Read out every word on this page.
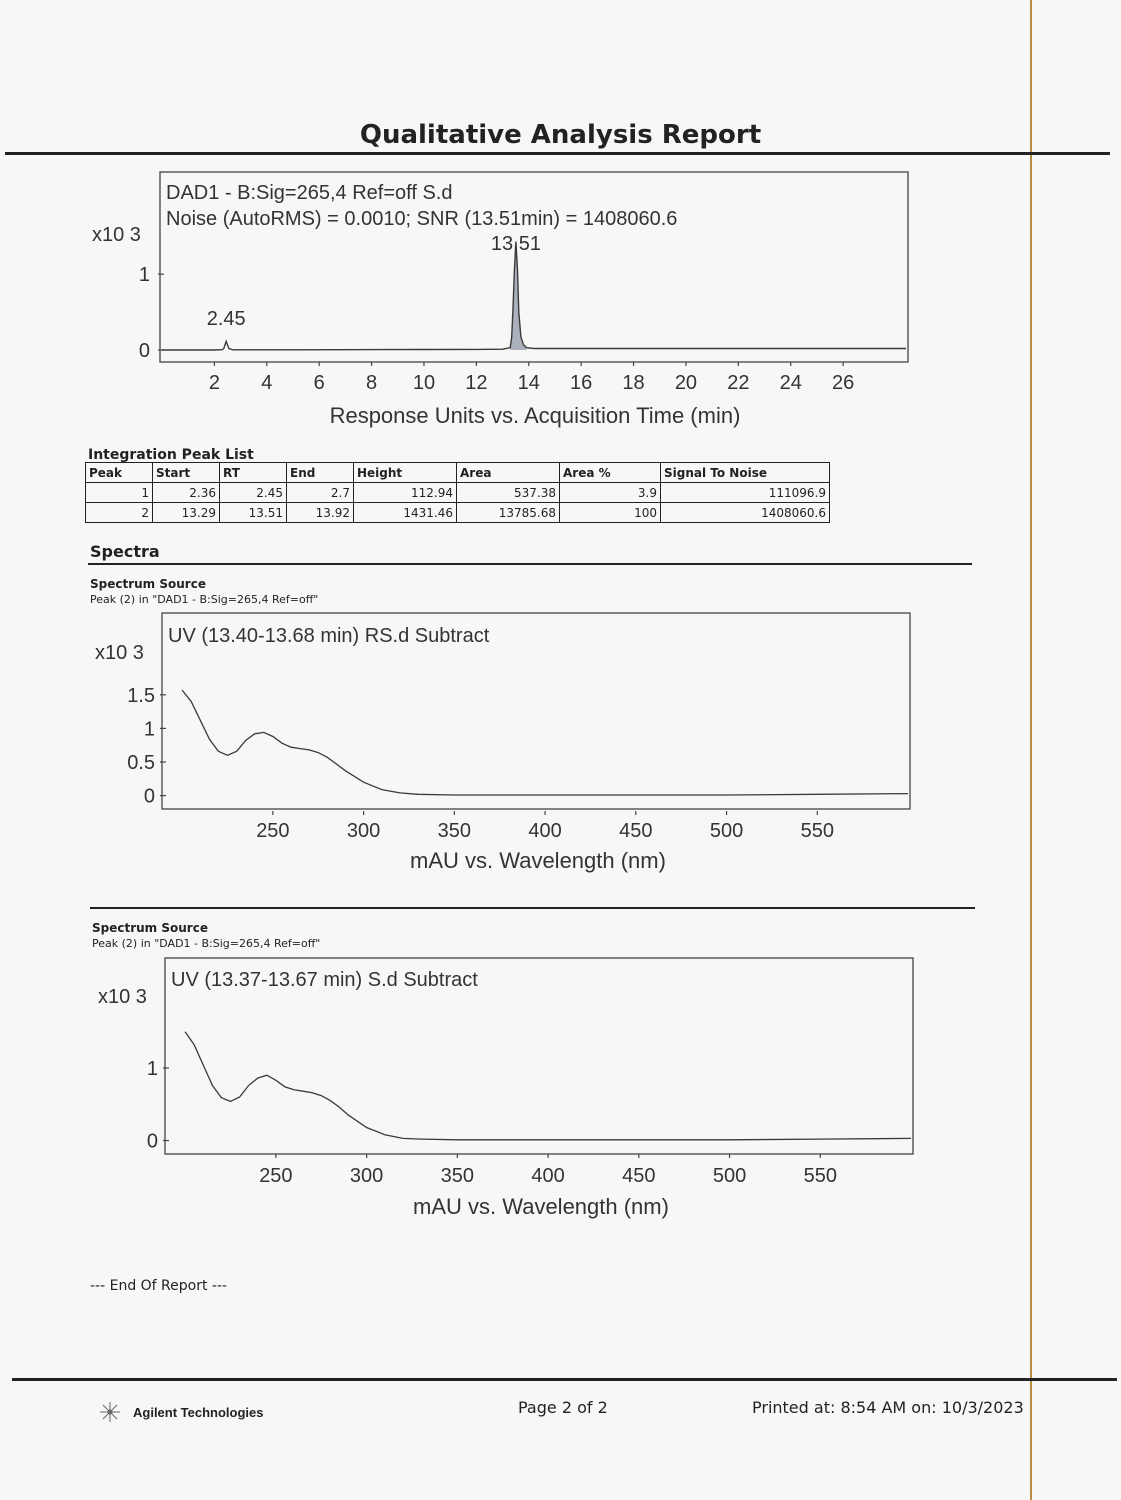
Qualitative Analysis Report
DAD1 - B:Sig=265,4 Ref=off S.d
Noise (AutoRMS) = 0.0010; SNR (13.51min) = 1408060.6
x10 3
0
1
2 4 6 8 10 12 14 16 18 20 22 24 26
2.45
13.51
Response Units vs. Acquisition Time (min)
UV (13.40-13.68 min) RS.d Subtract
x10 3
0
0.5
1
1.5
250	300	350	400	450	500	550
mAU vs. Wavelength (nm)
UV (13.37-13.67 min) S.d Subtract
x10 3
0
1
250	300	350	400	450	500	550
mAU vs. Wavelength (nm)
Integration Peak List
Peak	Start	RT	End	Height	Area	Area %	Signal To Noise
1	2.36	2.45	2.7	112.94	537.38	3.9	111096.9
2	13.29	13.51	13.92	1431.46	13785.68	100	1408060.6
Spectra
Spectrum Source
Peak (2) in "DAD1 - B:Sig=265,4 Ref=off"
Spectrum Source
Peak (2) in "DAD1 - B:Sig=265,4 Ref=off"
--- End Of Report ---
Agilent Technologies	Page 2 of 2	Printed at: 8:54 AM on: 10/3/2023
